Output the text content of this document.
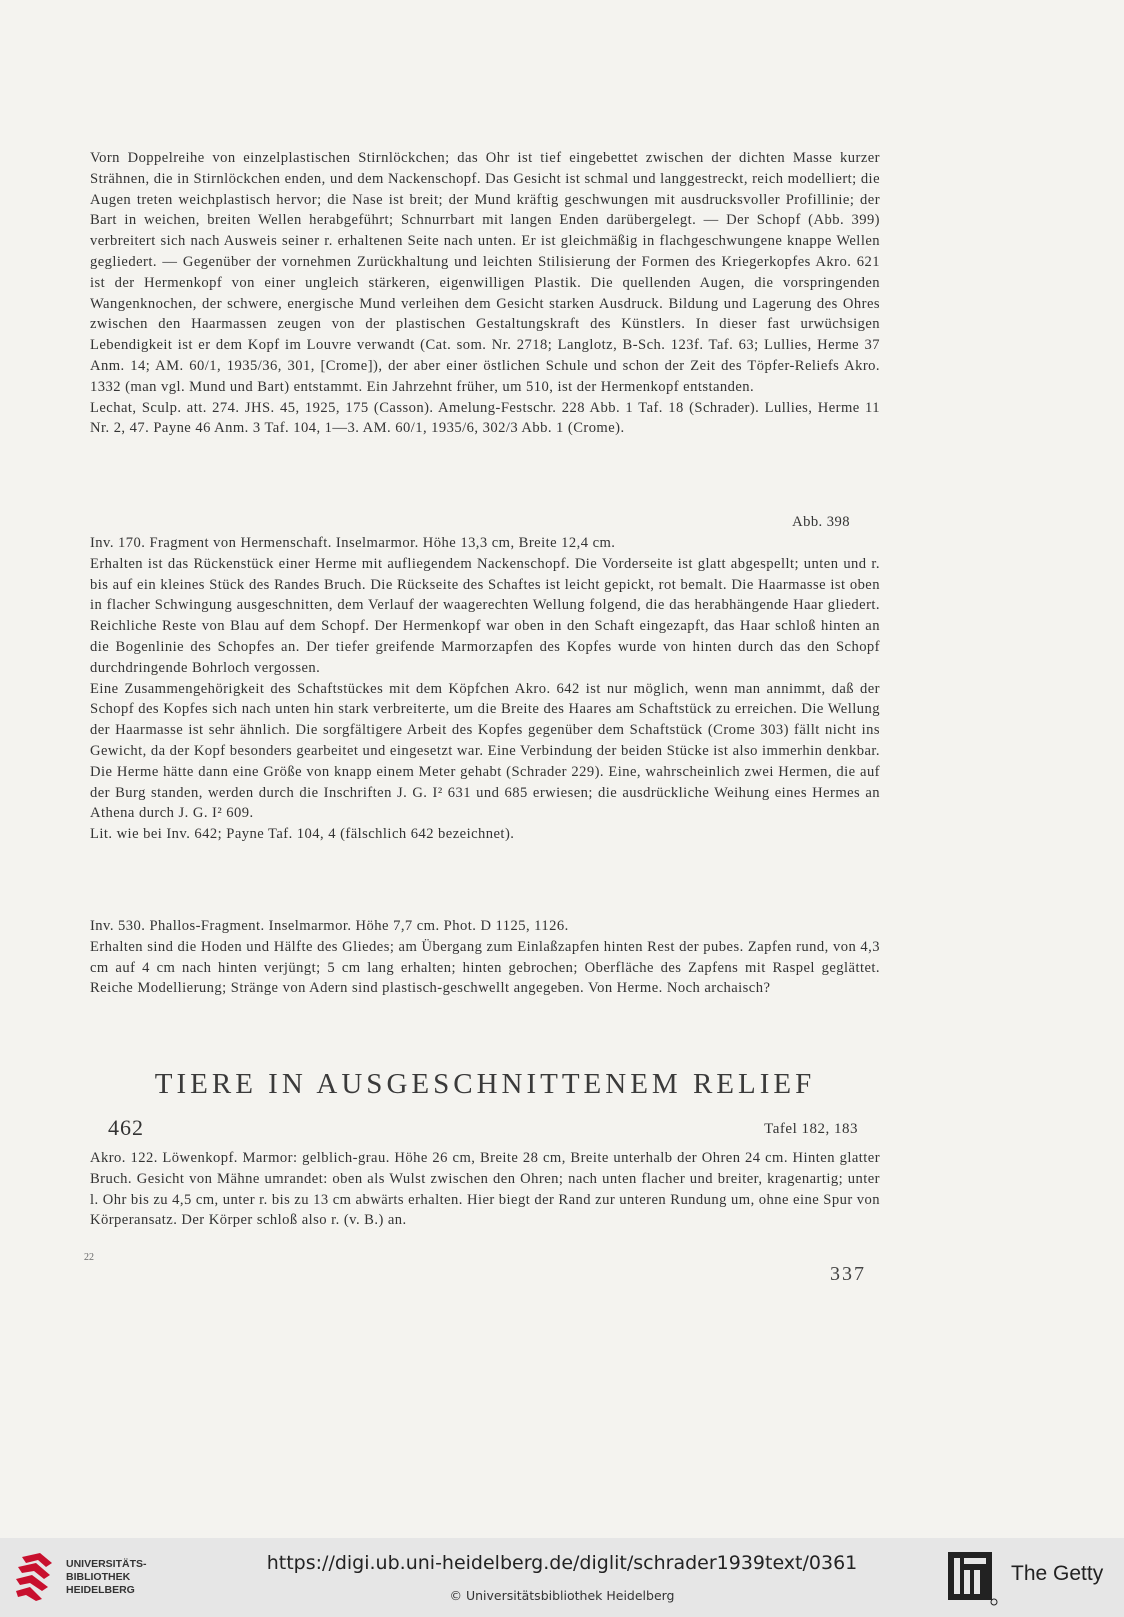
Vorn Doppelreihe von einzelplastischen Stirnlöckchen; das Ohr ist tief eingebettet zwischen der dichten Masse kurzer Strähnen, die in Stirnlöckchen enden, und dem Nackenschopf. Das Gesicht ist schmal und langgestreckt, reich modelliert; die Augen treten weichplastisch hervor; die Nase ist breit; der Mund kräftig geschwungen mit ausdrucksvoller Profillinie; der Bart in weichen, breiten Wellen herabgeführt; Schnurrbart mit langen Enden darübergelegt. — Der Schopf (Abb. 399) verbreitert sich nach Ausweis seiner r. erhaltenen Seite nach unten. Er ist gleichmäßig in flachgeschwungene knappe Wellen gegliedert. — Gegenüber der vornehmen Zurückhaltung und leichten Stilisierung der Formen des Kriegerkopfes Akro. 621 ist der Hermenkopf von einer ungleich stärkeren, eigenwilligen Plastik. Die quellenden Augen, die vorspringenden Wangenknochen, der schwere, energische Mund verleihen dem Gesicht starken Ausdruck. Bildung und Lagerung des Ohres zwischen den Haarmassen zeugen von der plastischen Gestaltungskraft des Künstlers. In dieser fast urwüchsigen Lebendigkeit ist er dem Kopf im Louvre verwandt (Cat. som. Nr. 2718; Langlotz, B-Sch. 123f. Taf. 63; Lullies, Herme 37 Anm. 14; AM. 60/1, 1935/36, 301, [Crome]), der aber einer östlichen Schule und schon der Zeit des Töpfer-Reliefs Akro. 1332 (man vgl. Mund und Bart) entstammt. Ein Jahrzehnt früher, um 510, ist der Hermenkopf entstanden.

Lechat, Sculp. att. 274. JHS. 45, 1925, 175 (Casson). Amelung-Festschr. 228 Abb. 1 Taf. 18 (Schrader). Lullies, Herme 11 Nr. 2, 47. Payne 46 Anm. 3 Taf. 104, 1—3. AM. 60/1, 1935/6, 302/3 Abb. 1 (Crome).

Abb. 398

Inv. 170. Fragment von Hermenschaft. Inselmarmor. Höhe 13,3 cm, Breite 12,4 cm.

Erhalten ist das Rückenstück einer Herme mit aufliegendem Nackenschopf. Die Vorderseite ist glatt abgespellt; unten und r. bis auf ein kleines Stück des Randes Bruch. Die Rückseite des Schaftes ist leicht gepickt, rot bemalt. Die Haarmasse ist oben in flacher Schwingung ausgeschnitten, dem Verlauf der waagerechten Wellung folgend, die das herabhängende Haar gliedert. Reichliche Reste von Blau auf dem Schopf. Der Hermenkopf war oben in den Schaft eingezapft, das Haar schloß hinten an die Bogenlinie des Schopfes an. Der tiefer greifende Marmorzapfen des Kopfes wurde von hinten durch das den Schopf durchdringende Bohrloch vergossen.

Eine Zusammengehörigkeit des Schaftstückes mit dem Köpfchen Akro. 642 ist nur möglich, wenn man annimmt, daß der Schopf des Kopfes sich nach unten hin stark verbreiterte, um die Breite des Haares am Schaftstück zu erreichen. Die Wellung der Haarmasse ist sehr ähnlich. Die sorgfältigere Arbeit des Kopfes gegenüber dem Schaftstück (Crome 303) fällt nicht ins Gewicht, da der Kopf besonders gearbeitet und eingesetzt war. Eine Verbindung der beiden Stücke ist also immerhin denkbar. Die Herme hätte dann eine Größe von knapp einem Meter gehabt (Schrader 229). Eine, wahrscheinlich zwei Hermen, die auf der Burg standen, werden durch die Inschriften J. G. I² 631 und 685 erwiesen; die ausdrückliche Weihung eines Hermes an Athena durch J. G. I² 609.

Lit. wie bei Inv. 642; Payne Taf. 104, 4 (fälschlich 642 bezeichnet).

Inv. 530. Phallos-Fragment. Inselmarmor. Höhe 7,7 cm. Phot. D 1125, 1126.

Erhalten sind die Hoden und Hälfte des Gliedes; am Übergang zum Einlaßzapfen hinten Rest der pubes. Zapfen rund, von 4,3 cm auf 4 cm nach hinten verjüngt; 5 cm lang erhalten; hinten gebrochen; Oberfläche des Zapfens mit Raspel geglättet. Reiche Modellierung; Stränge von Adern sind plastisch-geschwellt angegeben. Von Herme. Noch archaisch?

TIERE IN AUSGESCHNITTENEM RELIEF
462	Tafel 182, 183

Akro. 122. Löwenkopf. Marmor: gelblich-grau. Höhe 26 cm, Breite 28 cm, Breite unterhalb der Ohren 24 cm. Hinten glatter Bruch. Gesicht von Mähne umrandet: oben als Wulst zwischen den Ohren; nach unten flacher und breiter, kragenartig; unter l. Ohr bis zu 4,5 cm, unter r. bis zu 13 cm abwärts erhalten. Hier biegt der Rand zur unteren Rundung um, ohne eine Spur von Körperansatz. Der Körper schloß also r. (v. B.) an.

22
337
UNIVERSITÄTS-
BIBLIOTHEK
HEIDELBERG
https://digi.ub.uni-heidelberg.de/diglit/schrader1939text/0361
© Universitätsbibliothek Heidelberg
The Getty
